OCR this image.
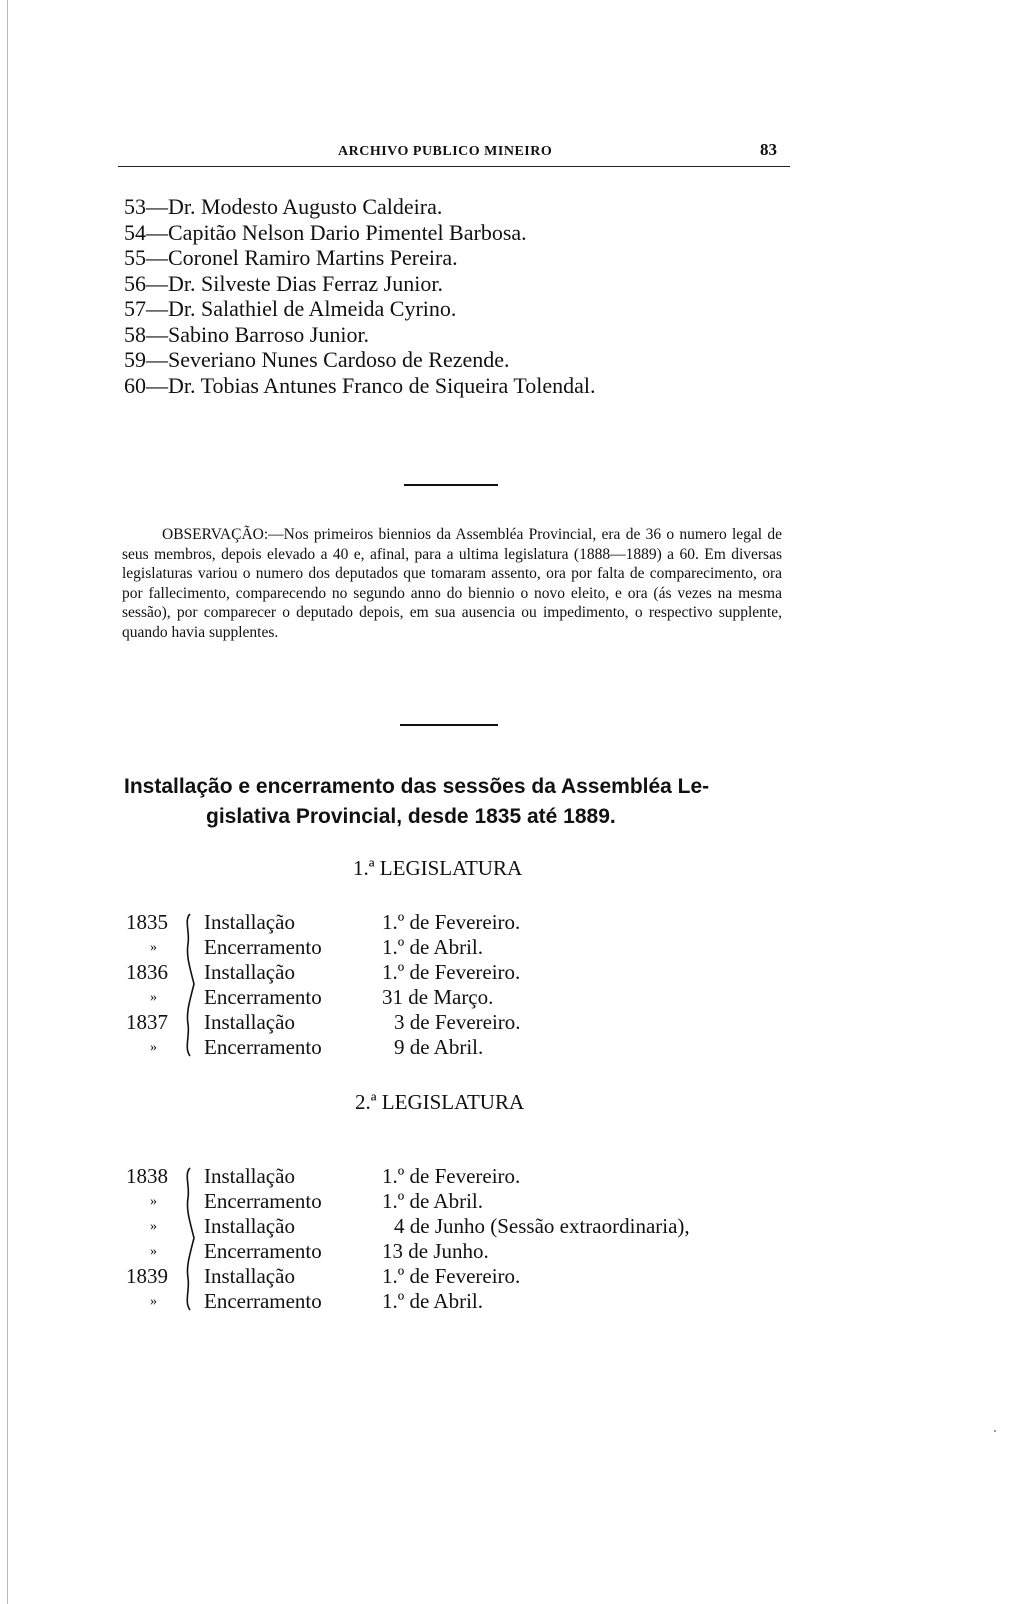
ARCHIVO PUBLICO MINEIRO	83
53—Dr. Modesto Augusto Caldeira.
54—Capitão Nelson Dario Pimentel Barbosa.
55—Coronel Ramiro Martins Pereira.
56—Dr. Silveste Dias Ferraz Junior.
57—Dr. Salathiel de Almeida Cyrino.
58—Sabino Barroso Junior.
59—Severiano Nunes Cardoso de Rezende.
60—Dr. Tobias Antunes Franco de Siqueira Tolendal.

OBSERVAÇÃO:—Nos primeiros biennios da Assembléa Provincial, era de 36 o numero legal de seus membros, depois elevado a 40 e, afinal, para a ultima legislatura (1888—1889) a 60. Em diversas legislaturas variou o numero dos deputados que tomaram assento, ora por falta de comparecimento, ora por fallecimento, comparecendo no segundo anno do biennio o novo eleito, e ora (ás vezes na mesma sessão), por comparecer o deputado depois, em sua ausencia ou impedimento, o respectivo supplente, quando havia supplentes.

Installação e encerramento das sessões da Assembléa Le-
gislativa Provincial, desde 1835 até 1889.
1.ª LEGISLATURA
1835	Installação	1.º de Fevereiro.
» Encerramento	1.º de Abril.
1836	Installação	1.º de Fevereiro.
» Encerramento	31 de Março.
1837	Installação	3 de Fevereiro.
» Encerramento	9 de Abril.
2.ª LEGISLATURA
1838	Installação	1.º de Fevereiro.
» Encerramento	1.º de Abril.
» Installação	4 de Junho (Sessão extraordinaria),
» Encerramento	13 de Junho.
1839	Installação	1.º de Fevereiro.
» Encerramento	1.º de Abril.
